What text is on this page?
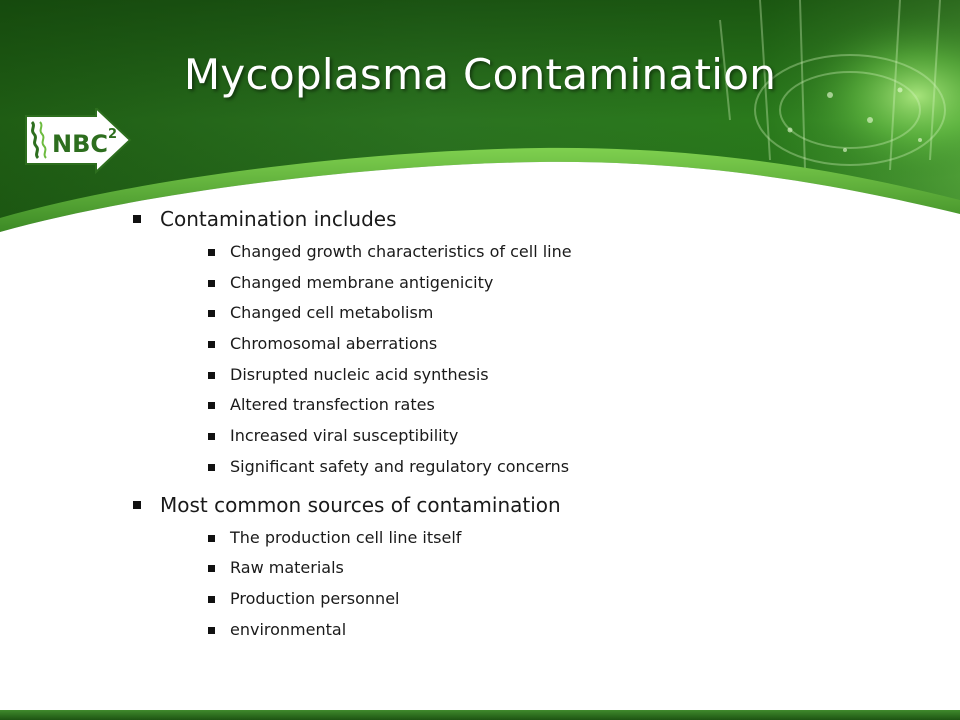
Mycoplasma Contamination
NBC 2
Contamination includes
Changed growth characteristics of cell line
Changed membrane antigenicity
Changed cell metabolism
Chromosomal aberrations
Disrupted nucleic acid synthesis
Altered transfection rates
Increased viral susceptibility
Significant safety and regulatory concerns
Most common sources of contamination
The production cell line itself
Raw materials
Production personnel
environmental
